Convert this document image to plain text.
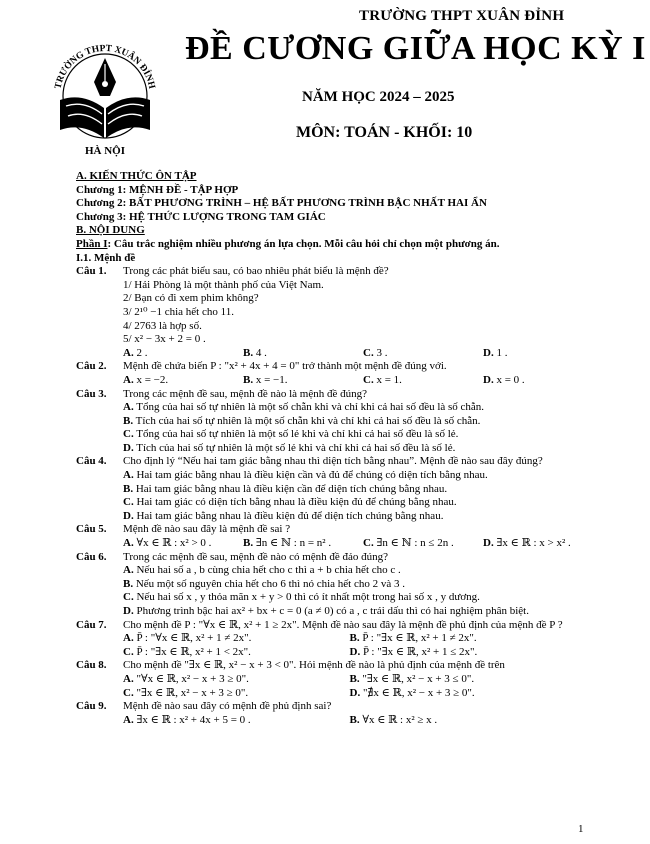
TRƯỜNG THPT XUÂN ĐỈNH
ĐỀ CƯƠNG GIỮA HỌC KỲ I
NĂM HỌC 2024 – 2025
MÔN: TOÁN - KHỐI: 10
TRƯỜNG THPT XUÂN ĐỈNH
HÀ NỘI
A. KIẾN THỨC ÔN TẬP
Chương 1: MỆNH ĐỀ - TẬP HỢP
Chương 2: BẤT PHƯƠNG TRÌNH – HỆ BẤT PHƯƠNG TRÌNH BẬC NHẤT HAI ẨN
Chương 3: HỆ THỨC LƯỢNG TRONG TAM GIÁC
B. NỘI DUNG
Phần I: Câu trắc nghiệm nhiều phương án lựa chọn. Mỗi câu hỏi chỉ chọn một phương án.
I.1. Mệnh đề
Câu 1. Trong các phát biểu sau, có bao nhiêu phát biểu là mệnh đề?
1/ Hải Phòng là một thành phố của Việt Nam.
2/ Bạn có đi xem phim không?
3/ 2¹⁰ −1 chia hết cho 11.
4/ 2763 là hợp số.
5/ x² − 3x + 2 = 0 .
A. 2 .	B. 4 .	C. 3 .	D. 1 .
Câu 2. Mệnh đề chứa biến P : "x² + 4x + 4 = 0" trở thành một mệnh đề đúng với.
A. x = −2.	B. x = −1.	C. x = 1.	D. x = 0 .
Câu 3. Trong các mệnh đề sau, mệnh đề nào là mệnh đề đúng?
A. Tổng của hai số tự nhiên là một số chẵn khi và chỉ khi cả hai số đều là số chẵn.
B. Tích của hai số tự nhiên là một số chẵn khi và chỉ khi cả hai số đều là số chẵn.
C. Tổng của hai số tự nhiên là một số lẻ khi và chỉ khi cả hai số đều là số lẻ.
D. Tích của hai số tự nhiên là một số lẻ khi và chỉ khi cả hai số đều là số lẻ.
Câu 4. Cho định lý “Nếu hai tam giác bằng nhau thì diện tích bằng nhau”. Mệnh đề nào sau đây đúng?
A. Hai tam giác bằng nhau là điều kiện cần và đủ để chúng có diện tích bằng nhau.
B. Hai tam giác bằng nhau là điều kiện cần để diện tích chúng bằng nhau.
C. Hai tam giác có diện tích bằng nhau là điều kiện đủ để chúng bằng nhau.
D. Hai tam giác bằng nhau là điều kiện đủ để diện tích chúng bằng nhau.
Câu 5. Mệnh đề nào sau đây là mệnh đề sai ?
A. ∀x ∈ ℝ : x² > 0 .	B. ∃n ∈ ℕ : n = n² .	C. ∃n ∈ ℕ : n ≤ 2n .	D. ∃x ∈ ℝ : x > x² .
Câu 6. Trong các mệnh đề sau, mệnh đề nào có mệnh đề đảo đúng?
A. Nếu hai số a , b cùng chia hết cho c thì a + b chia hết cho c .
B. Nếu một số nguyên chia hết cho 6 thì nó chia hết cho 2 và 3 .
C. Nếu hai số x , y thỏa mãn x + y > 0 thì có ít nhất một trong hai số x , y dương.
D. Phương trình bậc hai ax² + bx + c = 0 (a ≠ 0) có a , c trái dấu thì có hai nghiệm phân biệt.
Câu 7. Cho mệnh đề P : "∀x ∈ ℝ, x² + 1 ≥ 2x". Mệnh đề nào sau đây là mệnh đề phủ định của mệnh đề P ?
A. P̄ : "∀x ∈ ℝ, x² + 1 ≠ 2x".	B. P̄ : "∃x ∈ ℝ, x² + 1 ≠ 2x".
C. P̄ : "∃x ∈ ℝ, x² + 1 < 2x".	D. P̄ : "∃x ∈ ℝ, x² + 1 ≤ 2x".
Câu 8. Cho mệnh đề "∃x ∈ ℝ, x² − x + 3 < 0". Hỏi mệnh đề nào là phủ định của mệnh đề trên
A. "∀x ∈ ℝ, x² − x + 3 ≥ 0".	B. "∃x ∈ ℝ, x² − x + 3 ≤ 0".
C. "∃x ∈ ℝ, x² − x + 3 ≥ 0".	D. "∄x ∈ ℝ, x² − x + 3 ≥ 0".
Câu 9. Mệnh đề nào sau đây có mệnh đề phủ định sai?
A. ∃x ∈ ℝ : x² + 4x + 5 = 0 .	B. ∀x ∈ ℝ : x² ≥ x .
1
